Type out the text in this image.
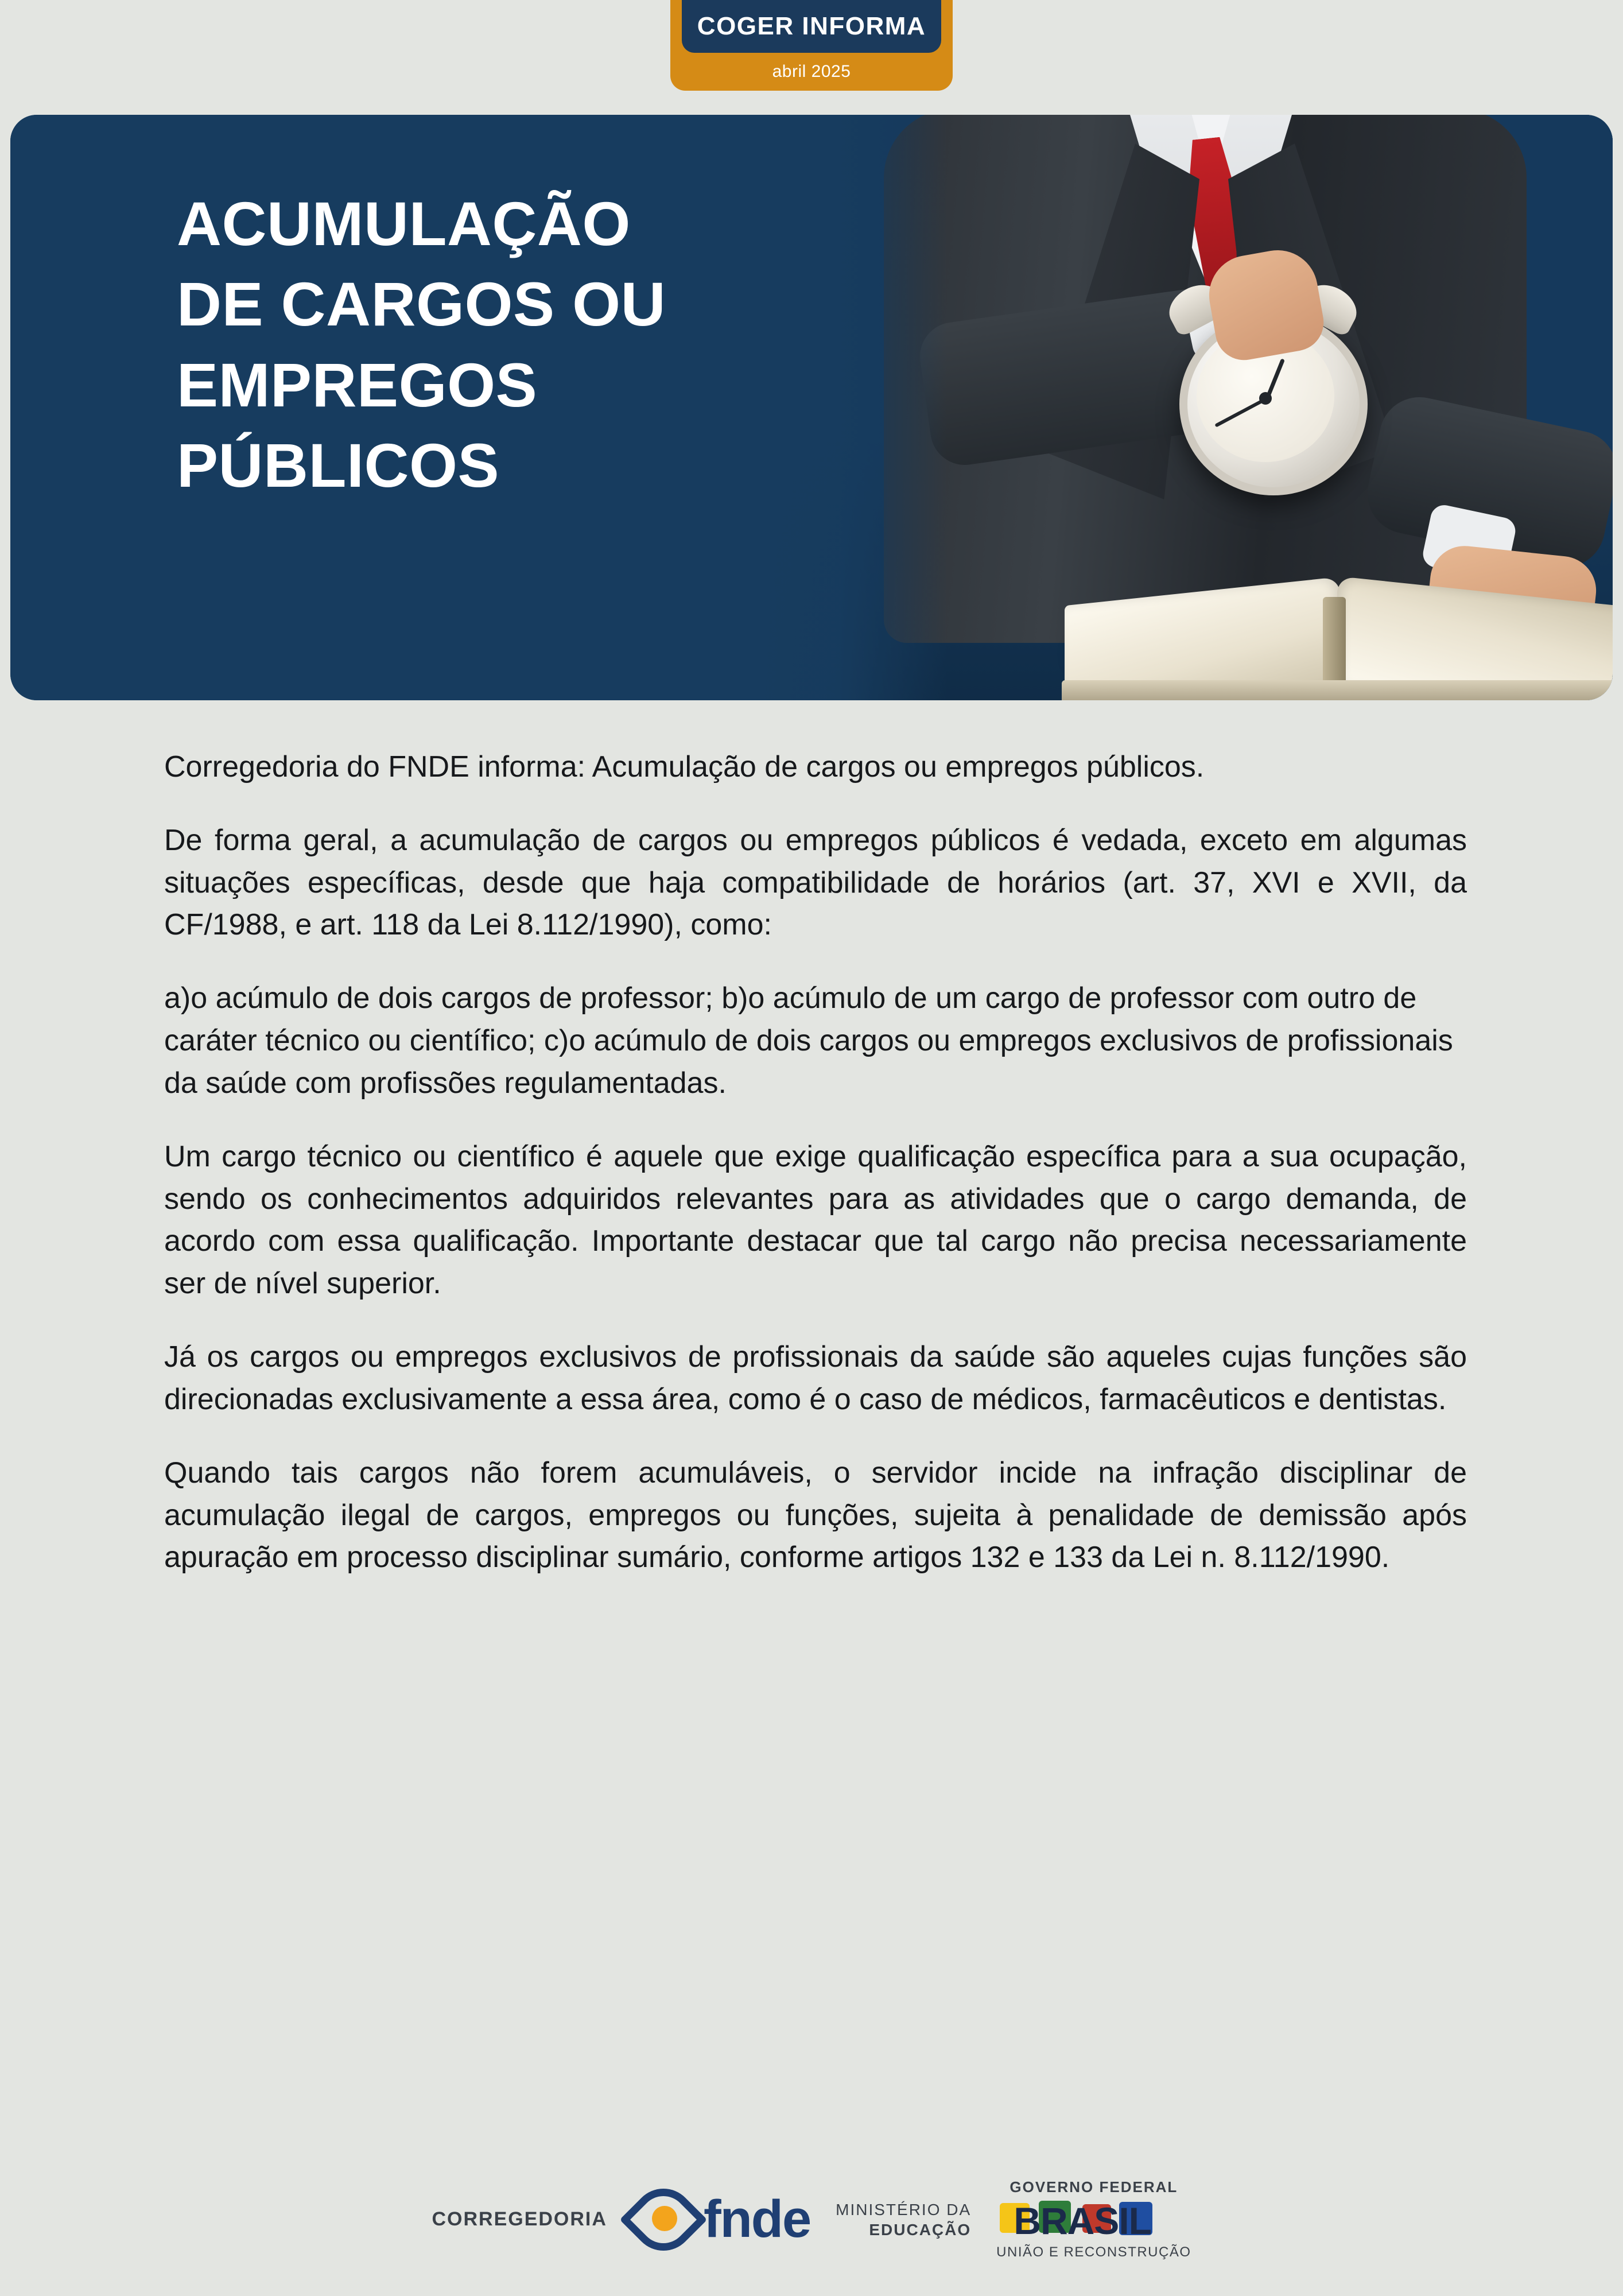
COGER INFORMA
abril 2025
ACUMULAÇÃO
DE CARGOS OU
EMPREGOS
PÚBLICOS

Corregedoria do FNDE informa: Acumulação de cargos ou empregos públicos.

De forma geral, a acumulação de cargos ou empregos públicos é vedada, exceto em algumas situações específicas, desde que haja compatibilidade de horários (art. 37, XVI e XVII, da CF/1988, e art. 118 da Lei 8.112/1990), como:

a)o acúmulo de dois cargos de professor; b)o acúmulo de um cargo de professor com outro de caráter técnico ou científico; c)o acúmulo de dois cargos ou empregos exclusivos de profissionais da saúde com profissões regulamentadas.

Um cargo técnico ou científico é aquele que exige qualificação específica para a sua ocupação, sendo os conhecimentos adquiridos relevantes para as atividades que o cargo demanda, de acordo com essa qualificação. Importante destacar que tal cargo não precisa necessariamente ser de nível superior.

Já os cargos ou empregos exclusivos de profissionais da saúde são aqueles cujas funções são direcionadas exclusivamente a essa área, como é o caso de médicos, farmacêuticos e dentistas.

Quando tais cargos não forem acumuláveis, o servidor incide na infração disciplinar de acumulação ilegal de cargos, empregos ou funções, sujeita à penalidade de demissão após apuração em processo disciplinar sumário, conforme artigos 132 e 133 da Lei n. 8.112/1990.

CORREGEDORIA fnde MINISTÉRIO DA
EDUCAÇÃO
GOVERNO FEDERAL
BRASIL
UNIÃO E RECONSTRUÇÃO
